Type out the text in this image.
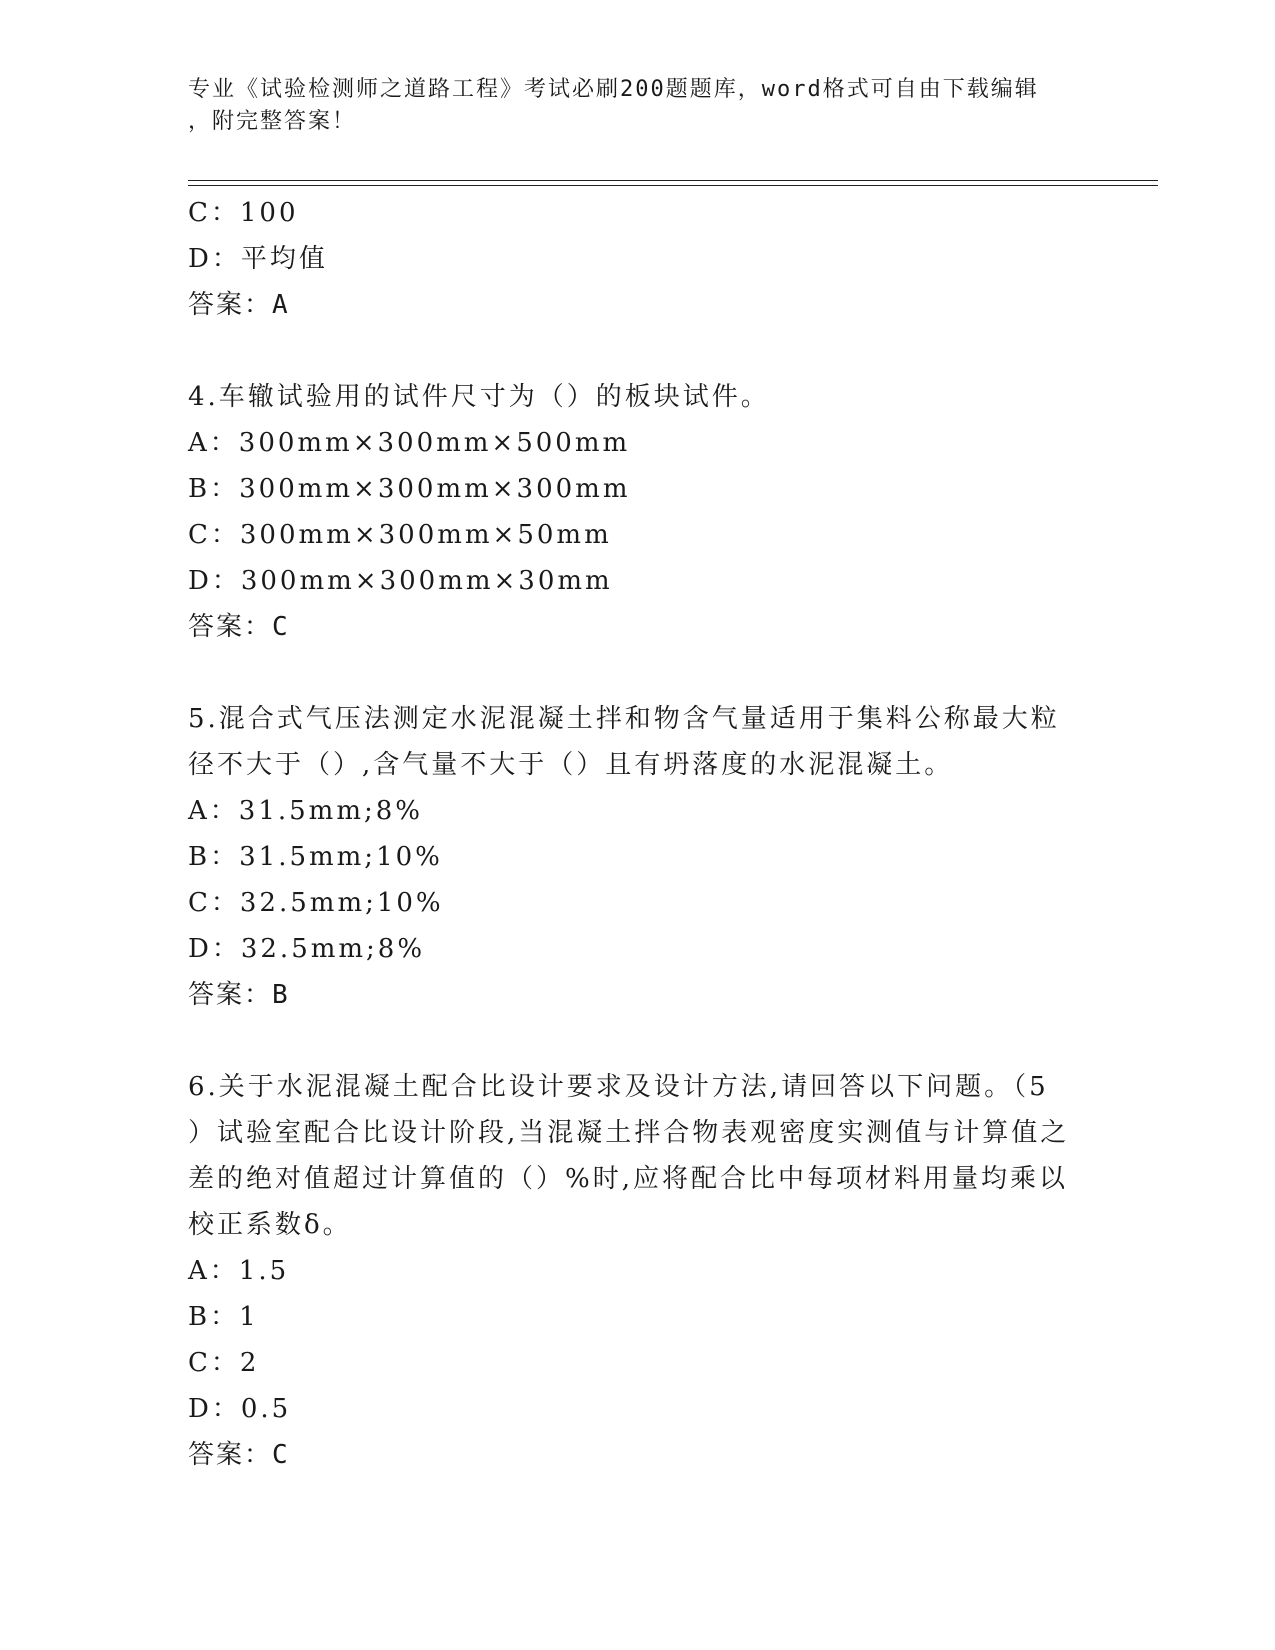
专业《试验检测师之道路工程》考试必刷200题题库，word格式可自由下载编辑
，附完整答案！
C：100
D：平均值
答案：A
4.车辙试验用的试件尺寸为（）的板块试件。
A：300mm×300mm×500mm
B：300mm×300mm×300mm
C：300mm×300mm×50mm
D：300mm×300mm×30mm
答案：C
5.混合式气压法测定水泥混凝土拌和物含气量适用于集料公称最大粒
径不大于（）,含气量不大于（）且有坍落度的水泥混凝土。
A：31.5mm;8%
B：31.5mm;10%
C：32.5mm;10%
D：32.5mm;8%
答案：B
6.关于水泥混凝土配合比设计要求及设计方法,请回答以下问题。（5
）试验室配合比设计阶段,当混凝土拌合物表观密度实测值与计算值之
差的绝对值超过计算值的（）%时,应将配合比中每项材料用量均乘以
校正系数δ。
A：1.5
B：1
C：2
D：0.5
答案：C
